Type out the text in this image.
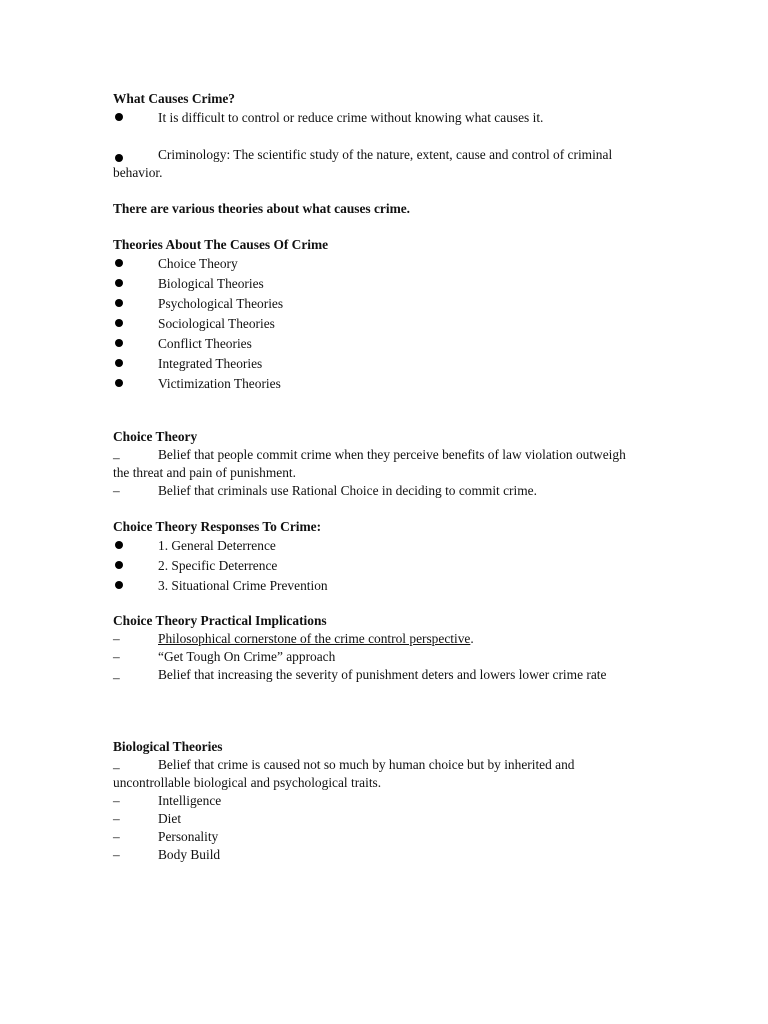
What Causes Crime?
It is difficult to control or reduce crime without knowing what causes it.
Criminology: The scientific study of the nature, extent, cause and control of criminal behavior.
There are various theories about what causes crime.
Theories About The Causes Of Crime
Choice Theory
Biological Theories
Psychological Theories
Sociological Theories
Conflict Theories
Integrated Theories
Victimization Theories
Choice Theory
–	Belief that people commit crime when they perceive benefits of law violation outweigh the threat and pain of punishment.
–	Belief that criminals use Rational Choice in deciding to commit crime.
Choice Theory Responses To Crime:
1. General Deterrence
2. Specific Deterrence
3. Situational Crime Prevention
Choice Theory Practical Implications
–	Philosophical cornerstone of the crime control perspective.
–	“Get Tough On Crime” approach
–	Belief that increasing the severity of punishment deters and lowers lower crime rate
Biological Theories
–	Belief that crime is caused not so much by human choice but by inherited and uncontrollable biological and psychological traits.
–	Intelligence
–	Diet
–	Personality
–	Body Build
